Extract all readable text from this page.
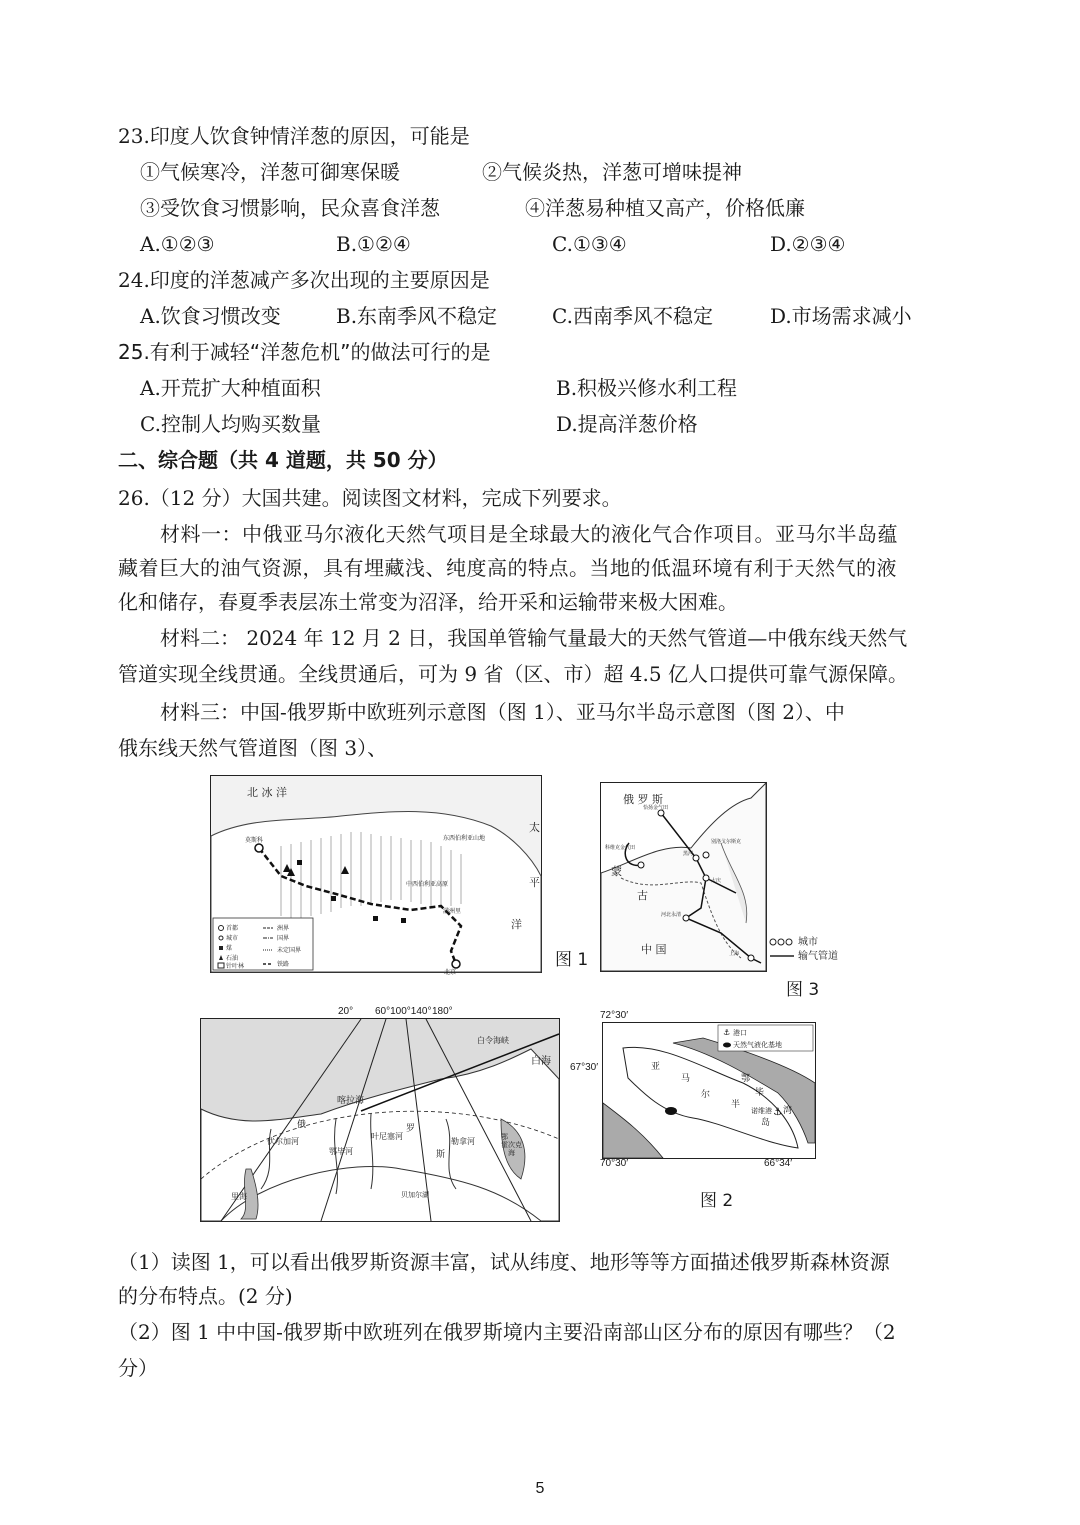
23.印度人饮食钟情洋葱的原因，可能是
①气候寒冷，洋葱可御寒保暖	②气候炎热，洋葱可增味提神
③受饮食习惯影响，民众喜食洋葱	④洋葱易种植又高产，价格低廉
A.①②③	B.①②④	C.①③④	D.②③④
24.印度的洋葱减产多次出现的主要原因是
A.饮食习惯改变	B.东南季风不稳定	C.西南季风不稳定	D.市场需求减小
25.有利于减轻“洋葱危机”的做法可行的是
A.开荒扩大种植面积	B.积极兴修水利工程
C.控制人均购买数量	D.提高洋葱价格
二、综合题（共 4 道题，共 50 分）
26.（12 分）大国共建。阅读图文材料，完成下列要求。
材料一：中俄亚马尔液化天然气项目是全球最大的液化气合作项目。亚马尔半岛蕴
藏着巨大的油气资源，具有埋藏浅、纯度高的特点。当地的低温环境有利于天然气的液
化和储存，春夏季表层冻土常变为沼泽，给开采和运输带来极大困难。
材料二： 2024 年 12 月 2 日，我国单管输气量最大的天然气管道—中俄东线天然气
管道实现全线贯通。全线贯通后，可为 9 省（区、市）超 4.5 亿人口提供可靠气源保障。
材料三：中国-俄罗斯中欧班列示意图（图 1）、亚马尔半岛示意图（图 2）、中
俄东线天然气管道图（图 3）、
北 冰 洋
太
平
洋
莫斯科
北京
满洲里
东西伯利亚山地
中西伯利亚高原
首都
城市
煤
石油
针叶林
洲界
国界
未定国界
铁路	图 1
俄 罗 斯
恰扬金气田
科维克金气田
别洛戈尔斯克
黑河
大庆
河北永清
上海
蒙
古
中 国
城市
输气管道
图 3
喀拉海
白令海峡
白海
伏尔加河
鄂毕河
叶尼塞河
勒拿河
贝加尔湖
俄	罗
斯
里海
鄂
霍 次 克
海
20° 60°100°140° 180°
⚓
⚓ 港口
天然气液化基地
亚
马
尔
半
岛
鄂
毕
湾
诺维港
72°30′
67°30′
70°30′	66°34′
图 2
（1）读图 1，可以看出俄罗斯资源丰富，试从纬度、地形等等方面描述俄罗斯森林资源
的分布特点。(2 分)
（2）图 1 中中国-俄罗斯中欧班列在俄罗斯境内主要沿南部山区分布的原因有哪些？（2
分）
5
